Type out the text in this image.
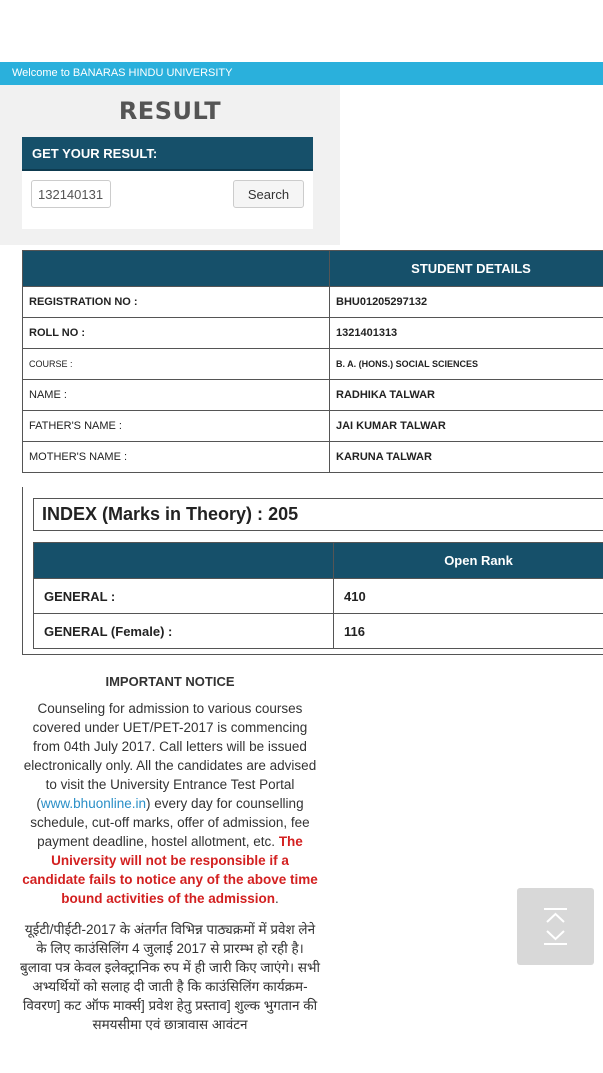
Welcome to BANARAS HINDU UNIVERSITY
RESULT
GET YOUR RESULT:
132140131
Search
	STUDENT DETAILS
REGISTRATION NO :	BHU01205297132
ROLL NO :	1321401313
COURSE :	B. A. (HONS.) SOCIAL SCIENCES
NAME :	RADHIKA TALWAR
FATHER'S NAME :	JAI KUMAR TALWAR
MOTHER'S NAME :	KARUNA TALWAR
INDEX (Marks in Theory) : 205
	Open Rank
GENERAL :	410
GENERAL (Female) :	116
IMPORTANT NOTICE
Counseling for admission to various courses covered under UET/PET-2017 is commencing from 04th July 2017. Call letters will be issued electronically only. All the candidates are advised to visit the University Entrance Test Portal (www.bhuonline.in) every day for counselling schedule, cut-off marks, offer of admission, fee payment deadline, hostel allotment, etc. The University will not be responsible if a candidate fails to notice any of the above time bound activities of the admission.
यूईटी/पीईटी-2017 के अंतर्गत विभिन्न पाठ्यक्रमों में प्रवेश लेने के लिए काउंसिलिंग 4 जुलाई 2017 से प्रारम्भ हो रही है। बुलावा पत्र केवल इलेक्ट्रानिक रुप में ही जारी किए जाएंगे। सभी अभ्यर्थियों को सलाह दी जाती है कि काउंसिलिंग कार्यक्रम-विवरण] कट ऑफ मार्क्स] प्रवेश हेतु प्रस्ताव] शुल्क भुगतान की समयसीमा एवं छात्रावास आवंटन
